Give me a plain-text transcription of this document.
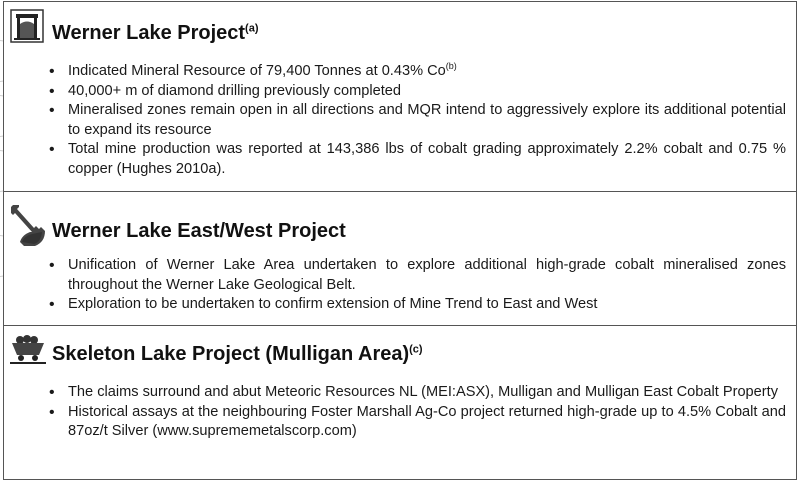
Werner Lake Project$^{(a)}$
• Indicated Mineral Resource of 79,400 Tonnes at 0.43% Co$^{(b)}$
• 40,000+ m of diamond drilling previously completed
• Mineralised zones remain open in all directions and MQR intend to aggressively explore its additional potential to expand its resource
• Total mine production was reported at 143,386 lbs of cobalt grading approximately 2.2% cobalt and 0.75 % copper (Hughes 2010a).
Werner Lake East/West Project
• Unification of Werner Lake Area undertaken to explore additional high-grade cobalt mineralised zones throughout the Werner Lake Geological Belt.
• Exploration to be undertaken to confirm extension of Mine Trend to East and West
Skeleton Lake Project (Mulligan Area)$^{(c)}$
• The claims surround and abut Meteoric Resources NL (MEI:ASX), Mulligan and Mulligan East Cobalt Property
• Historical assays at the neighbouring Foster Marshall Ag-Co project returned high-grade up to 4.5% Cobalt and 87oz/t Silver (www.suprememetalscorp.com)
